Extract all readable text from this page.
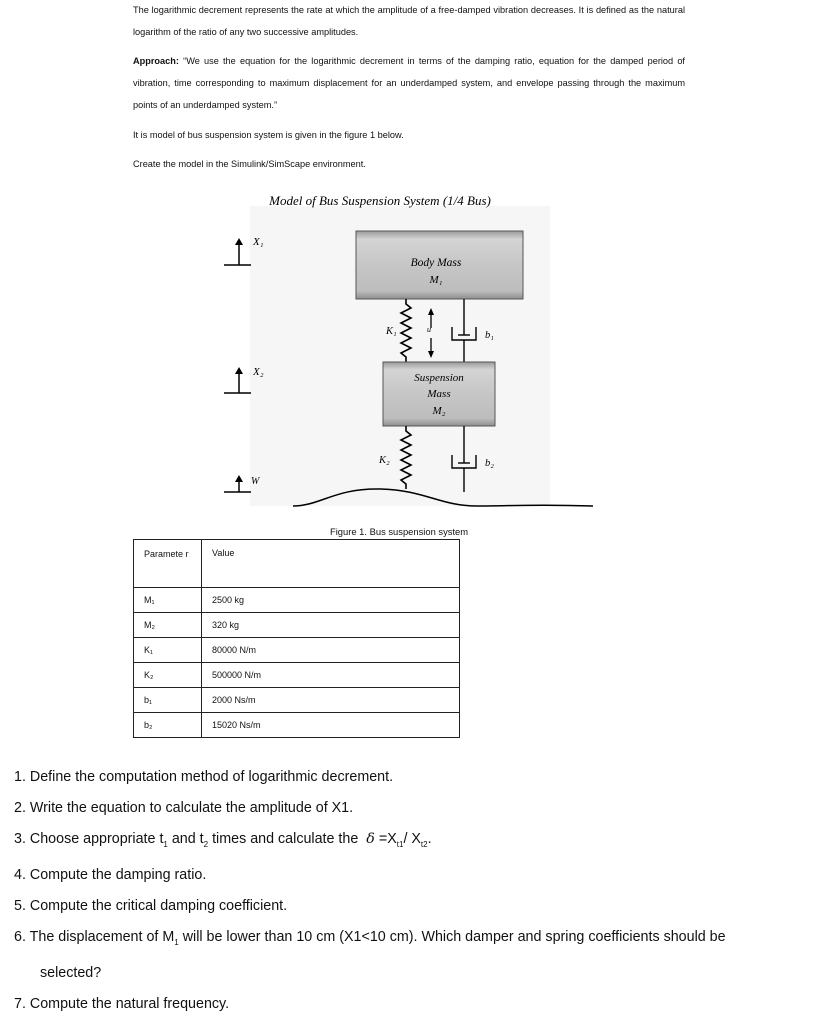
The logarithmic decrement represents the rate at which the amplitude of a free-damped vibration decreases. It is defined as the natural logarithm of the ratio of any two successive amplitudes.

Approach: “We use the equation for the logarithmic decrement in terms of the damping ratio, equation for the damped period of vibration, time corresponding to maximum displacement for an underdamped system, and envelope passing through the maximum points of an underdamped system.”

It is model of bus suspension system is given in the figure 1 below.

Create the model in the Simulink/SimScape environment.

Model of Bus Suspension System (1/4 Bus)
X₁
X₂
W
Body Mass
M₁
K₁	u
b₁
Suspension
Mass
M₂
K₂	b₂
Figure 1. Bus suspension system
Paramete r	Value
M₁	2500 kg
M₂	320 kg
K₁	80000 N/m
K₂	500000 N/m
b₁	2000 Ns/m
b₂	15020 Ns/m
1. Define the computation method of logarithmic decrement.
2. Write the equation to calculate the amplitude of X1.
3. Choose appropriate $t_1$ and $t_2$ times and calculate the $\delta =X_{t1}/$ $X_{t2}$.
4. Compute the damping ratio.
5. Compute the critical damping coefficient.
6. The displacement of $M_1$ will be lower than 10 cm (X1<10 cm). Which damper and spring coefficients should be
selected?
7. Compute the natural frequency.
